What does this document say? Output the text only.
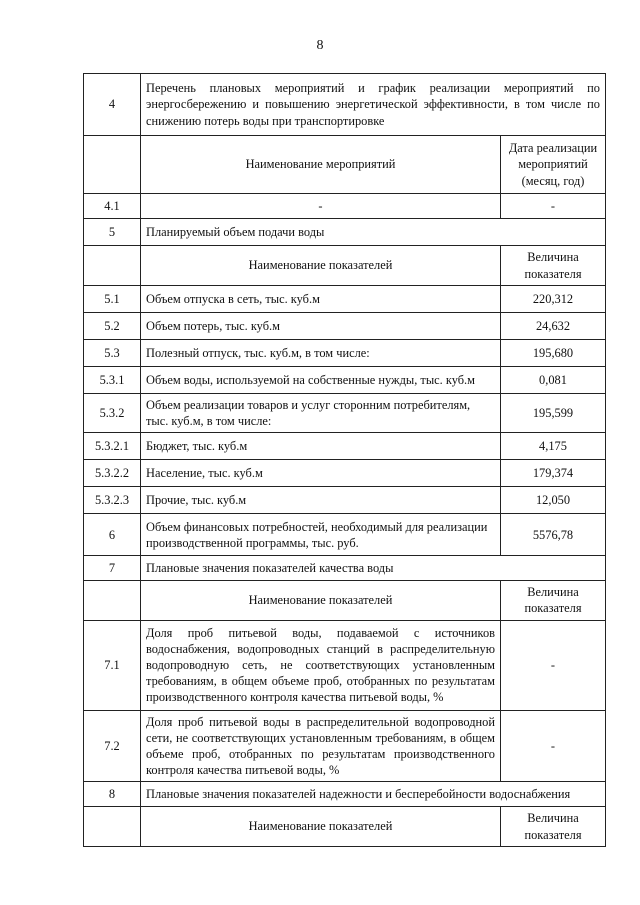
8
4	Перечень плановых мероприятий и график реализации мероприятий по энергосбережению и повышению энергетической эффективности, в том числе по снижению потерь воды при транспортировке	
	Наименование мероприятий	Дата реализации мероприятий (месяц, год)
4.1	-	-
5	Планируемый объем подачи воды	
	Наименование показателей	Величина показателя
5.1	Объем отпуска в сеть, тыс. куб.м	220,312
5.2	Объем потерь, тыс. куб.м	24,632
5.3	Полезный отпуск, тыс. куб.м, в том числе:	195,680
5.3.1	Объем воды, используемой на собственные нужды, тыс. куб.м	0,081
5.3.2	Объем реализации товаров и услуг сторонним потребителям, тыс. куб.м, в том числе:	195,599
5.3.2.1	Бюджет, тыс. куб.м	4,175
5.3.2.2	Население, тыс. куб.м	179,374
5.3.2.3	Прочие, тыс. куб.м	12,050
6	Объем финансовых потребностей, необходимый для реализации производственной программы, тыс. руб.	5576,78
7	Плановые значения показателей качества воды	
	Наименование показателей	Величина показателя
7.1	Доля проб питьевой воды, подаваемой с источников водоснабжения, водопроводных станций в распределительную водопроводную сеть, не соответствующих установленным требованиям, в общем объеме проб, отобранных по результатам производственного контроля качества питьевой воды, %	-
7.2	Доля проб питьевой воды в распределительной водопроводной сети, не соответствующих установленным требованиям, в общем объеме проб, отобранных по результатам производственного контроля качества питьевой воды, %	-
8	Плановые значения показателей надежности и бесперебойности водоснабжения	
	Наименование показателей	Величина показателя
